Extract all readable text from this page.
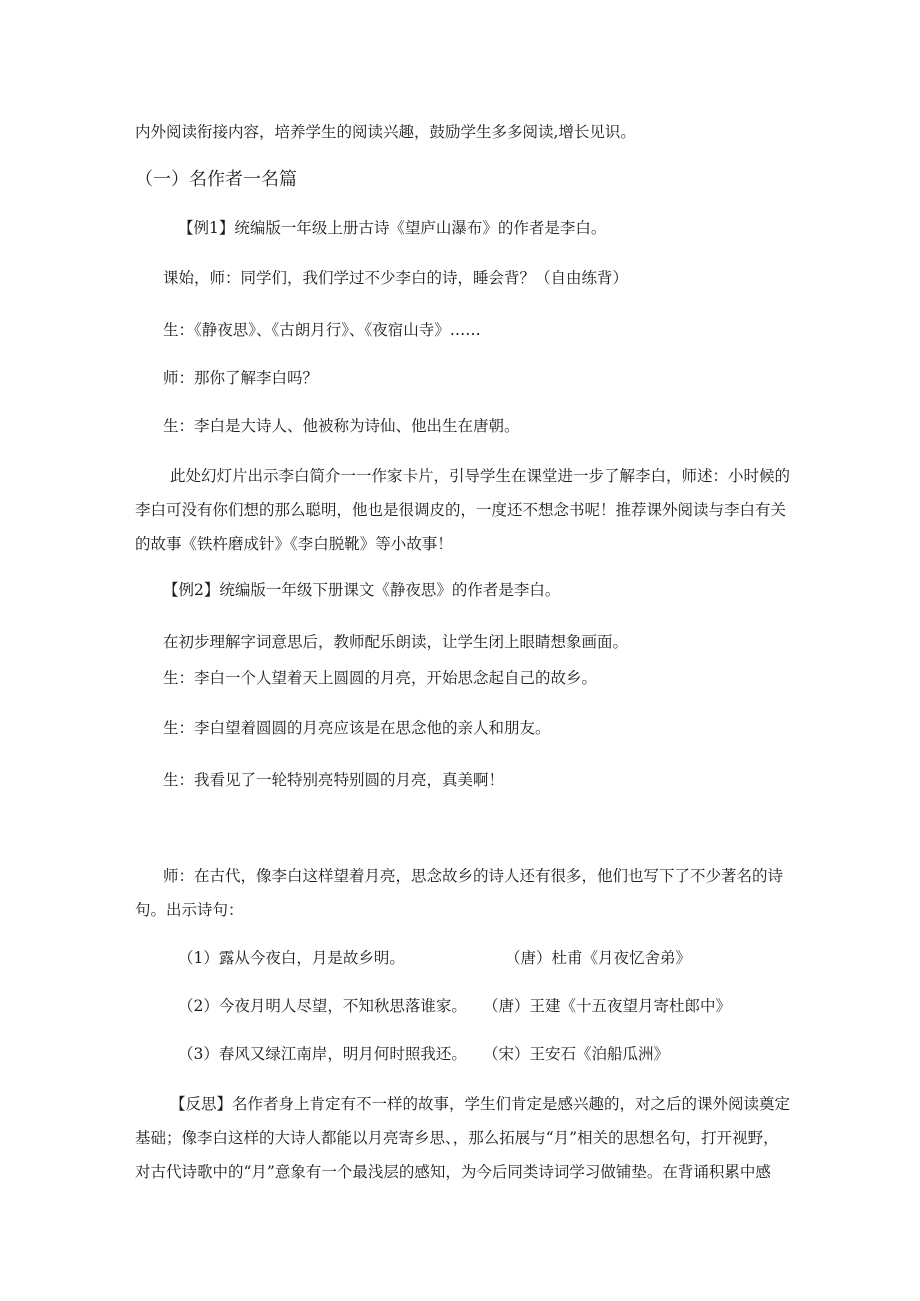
内外阅读衔接内容，培养学生的阅读兴趣，鼓励学生多多阅读,增长见识。
（一）名作者一名篇
【例1】统编版一年级上册古诗《望庐山瀑布》的作者是李白。
课始，师：同学们，我们学过不少李白的诗，睡会背？（自由练背）
生：《静夜思》、《古朗月行》、《夜宿山寺》……
师：那你了解李白吗？
生：李白是大诗人、他被称为诗仙、他出生在唐朝。
此处幻灯片出示李白简介一一作家卡片，引导学生在课堂进一步了解李白，师述：小时候的
李白可没有你们想的那么聪明，他也是很调皮的，一度还不想念书呢！推荐课外阅读与李白有关
的故事《铁杵磨成针》《李白脱靴》等小故事！
【例2】统编版一年级下册课文《静夜思》的作者是李白。
在初步理解字词意思后，教师配乐朗读，让学生闭上眼睛想象画面。
生：李白一个人望着天上圆圆的月亮，开始思念起自己的故乡。
生：李白望着圆圆的月亮应该是在思念他的亲人和朋友。
生：我看见了一轮特别亮特别圆的月亮，真美啊！
师：在古代，像李白这样望着月亮，思念故乡的诗人还有很多，他们也写下了不少著名的诗
句。出示诗句：
（1）露从今夜白，月是故乡明。	（唐）杜甫《月夜忆舍弟》
（2）今夜月明人尽望，不知秋思落谁家。 （唐）王建《十五夜望月寄杜郎中》
（3）春风又绿江南岸，明月何时照我还。 （宋）王安石《泊船瓜洲》
【反思】名作者身上肯定有不一样的故事，学生们肯定是感兴趣的，对之后的课外阅读奠定
基础；像李白这样的大诗人都能以月亮寄乡思、，那么拓展与“月”相关的思想名句，打开视野，
对古代诗歌中的“月”意象有一个最浅层的感知，为今后同类诗词学习做铺垫。在背诵积累中感
